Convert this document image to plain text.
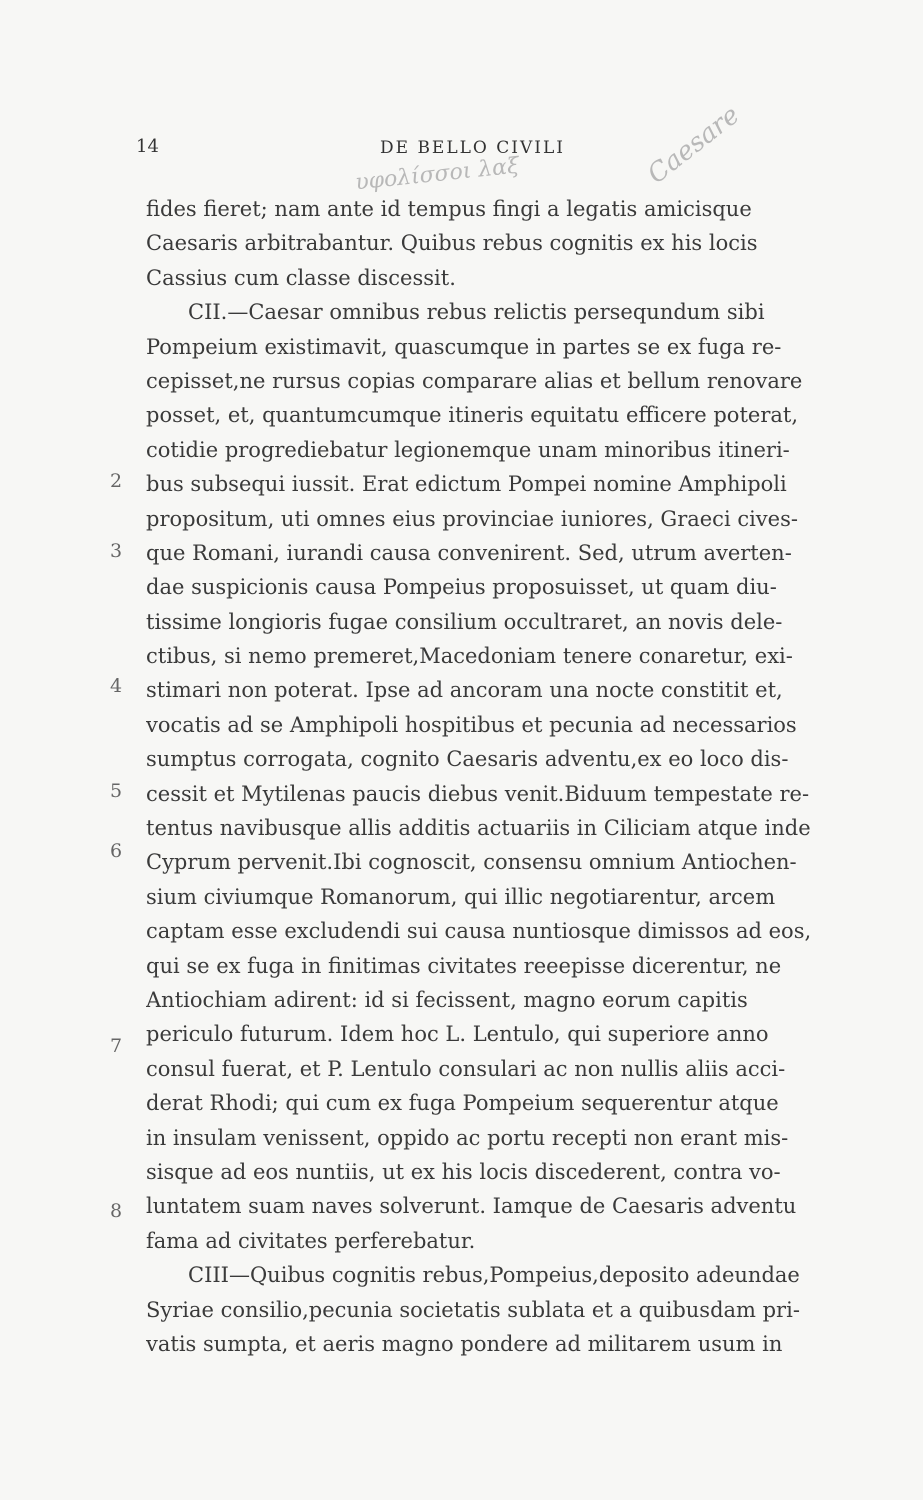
14	DE BELLO CIVILI
υφολίσσοι λαξ	Caesare
2
3
4
5
6
7
8
fides fieret; nam ante id tempus fingi a legatis amicisque
Caesaris arbitrabantur. Quibus rebus cognitis ex his locis
Cassius cum classe discessit.
CII.—Caesar omnibus rebus relictis persequndum sibi
Pompeium existimavit, quascumque in partes se ex fuga re-
cepisset,ne rursus copias comparare alias et bellum renovare
posset, et, quantumcumque itineris equitatu efficere poterat,
cotidie progrediebatur legionemque unam minoribus itineri-
bus subsequi iussit. Erat edictum Pompei nomine Amphipoli
propositum, uti omnes eius provinciae iuniores, Graeci cives-
que Romani, iurandi causa convenirent. Sed, utrum averten-
dae suspicionis causa Pompeius proposuisset, ut quam diu-
tissime longioris fugae consilium occultraret, an novis dele-
ctibus, si nemo premeret,Macedoniam tenere conaretur, exi-
stimari non poterat. Ipse ad ancoram una nocte constitit et,
vocatis ad se Amphipoli hospitibus et pecunia ad necessarios
sumptus corrogata, cognito Caesaris adventu,ex eo loco dis-
cessit et Mytilenas paucis diebus venit.Biduum tempestate re-
tentus navibusque allis additis actuariis in Ciliciam atque inde
Cyprum pervenit.Ibi cognoscit, consensu omnium Antiochen-
sium civiumque Romanorum, qui illic negotiarentur, arcem
captam esse excludendi sui causa nuntiosque dimissos ad eos,
qui se ex fuga in finitimas civitates reeepisse dicerentur, ne
Antiochiam adirent: id si fecissent, magno eorum capitis
periculo futurum. Idem hoc L. Lentulo, qui superiore anno
consul fuerat, et P. Lentulo consulari ac non nullis aliis acci-
derat Rhodi; qui cum ex fuga Pompeium sequerentur atque
in insulam venissent, oppido ac portu recepti non erant mis-
sisque ad eos nuntiis, ut ex his locis discederent, contra vo-
luntatem suam naves solverunt. Iamque de Caesaris adventu
fama ad civitates perferebatur.
CIII—Quibus cognitis rebus,Pompeius,deposito adeundae
Syriae consilio,pecunia societatis sublata et a quibusdam pri-
vatis sumpta, et aeris magno pondere ad militarem usum in
